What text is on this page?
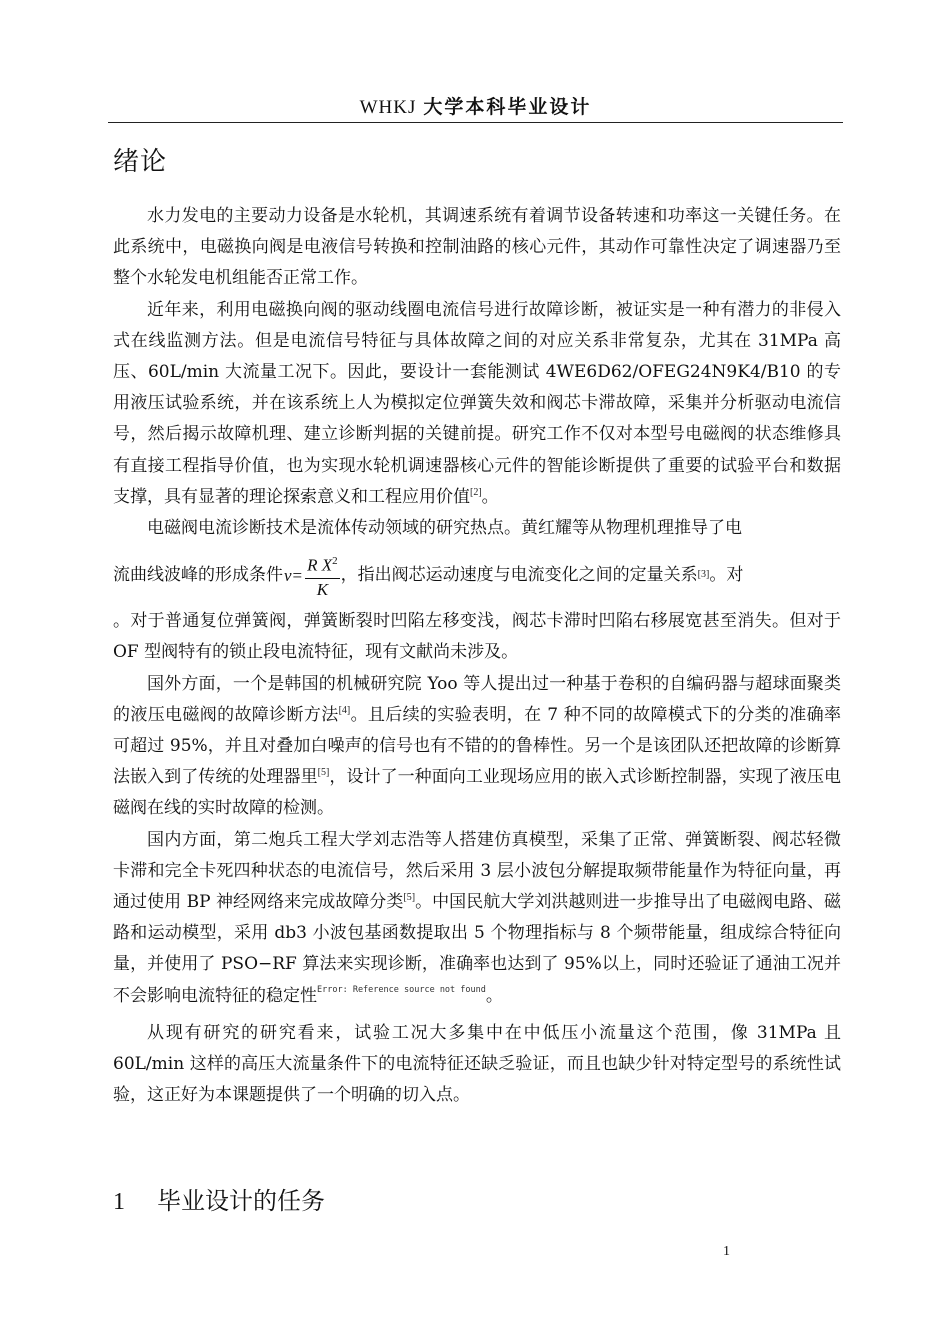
WHKJ 大学本科毕业设计
绪论

水力发电的主要动力设备是水轮机，其调速系统有着调节设备转速和功率这一关键任务。在此系统中，电磁换向阀是电液信号转换和控制油路的核心元件，其动作可靠性决定了调速器乃至整个水轮发电机组能否正常工作。

近年来，利用电磁换向阀的驱动线圈电流信号进行故障诊断，被证实是一种有潜力的非侵入式在线监测方法。但是电流信号特征与具体故障之间的对应关系非常复杂，尤其在 31MPa 高压、60L/min 大流量工况下。因此，要设计一套能测试 4WE6D62/OFEG24N9K4/B10 的专用液压试验系统，并在该系统上人为模拟定位弹簧失效和阀芯卡滞故障，采集并分析驱动电流信号，然后揭示故障机理、建立诊断判据的关键前提。研究工作不仅对本型号电磁阀的状态维修具有直接工程指导价值，也为实现水轮机调速器核心元件的智能诊断提供了重要的试验平台和数据支撑，具有显著的理论探索意义和工程应用价值[2]。

电磁阀电流诊断技术是流体传动领域的研究热点。黄红耀等从物理机理推导了电

流曲线波峰的形成条件 $v = \frac{R X^2}{K}$ ，指出阀芯运动速度与电流变化之间的定量关系 [3] 。对

。对于普通复位弹簧阀，弹簧断裂时凹陷左移变浅，阀芯卡滞时凹陷右移展宽甚至消失。但对于 OF 型阀特有的锁止段电流特征，现有文献尚未涉及。

国外方面，一个是韩国的机械研究院 Yoo 等人提出过一种基于卷积的自编码器与超球面聚类的液压电磁阀的故障诊断方法[4]。且后续的实验表明，在 7 种不同的故障模式下的分类的准确率可超过 95%，并且对叠加白噪声的信号也有不错的的鲁棒性。另一个是该团队还把故障的诊断算法嵌入到了传统的处理器里[5]，设计了一种面向工业现场应用的嵌入式诊断控制器，实现了液压电磁阀在线的实时故障的检测。

国内方面，第二炮兵工程大学刘志浩等人搭建仿真模型，采集了正常、弹簧断裂、阀芯轻微卡滞和完全卡死四种状态的电流信号，然后采用 3 层小波包分解提取频带能量作为特征向量，再通过使用 BP 神经网络来完成故障分类[5]。中国民航大学刘洪越则进一步推导出了电磁阀电路、磁路和运动模型，采用 db3 小波包基函数提取出 5 个物理指标与 8 个频带能量，组成综合特征向量，并使用了 PSO−RF 算法来实现诊断，准确率也达到了 95%以上，同时还验证了通油工况并不会影响电流特征的稳定性$^{Error: Reference source not found}$。

从现有研究的研究看来，试验工况大多集中在中低压小流量这个范围，像 31MPa 且 60L/min 这样的高压大流量条件下的电流特征还缺乏验证，而且也缺少针对特定型号的系统性试验，这正好为本课题提供了一个明确的切入点。

1 毕业设计的任务
1
